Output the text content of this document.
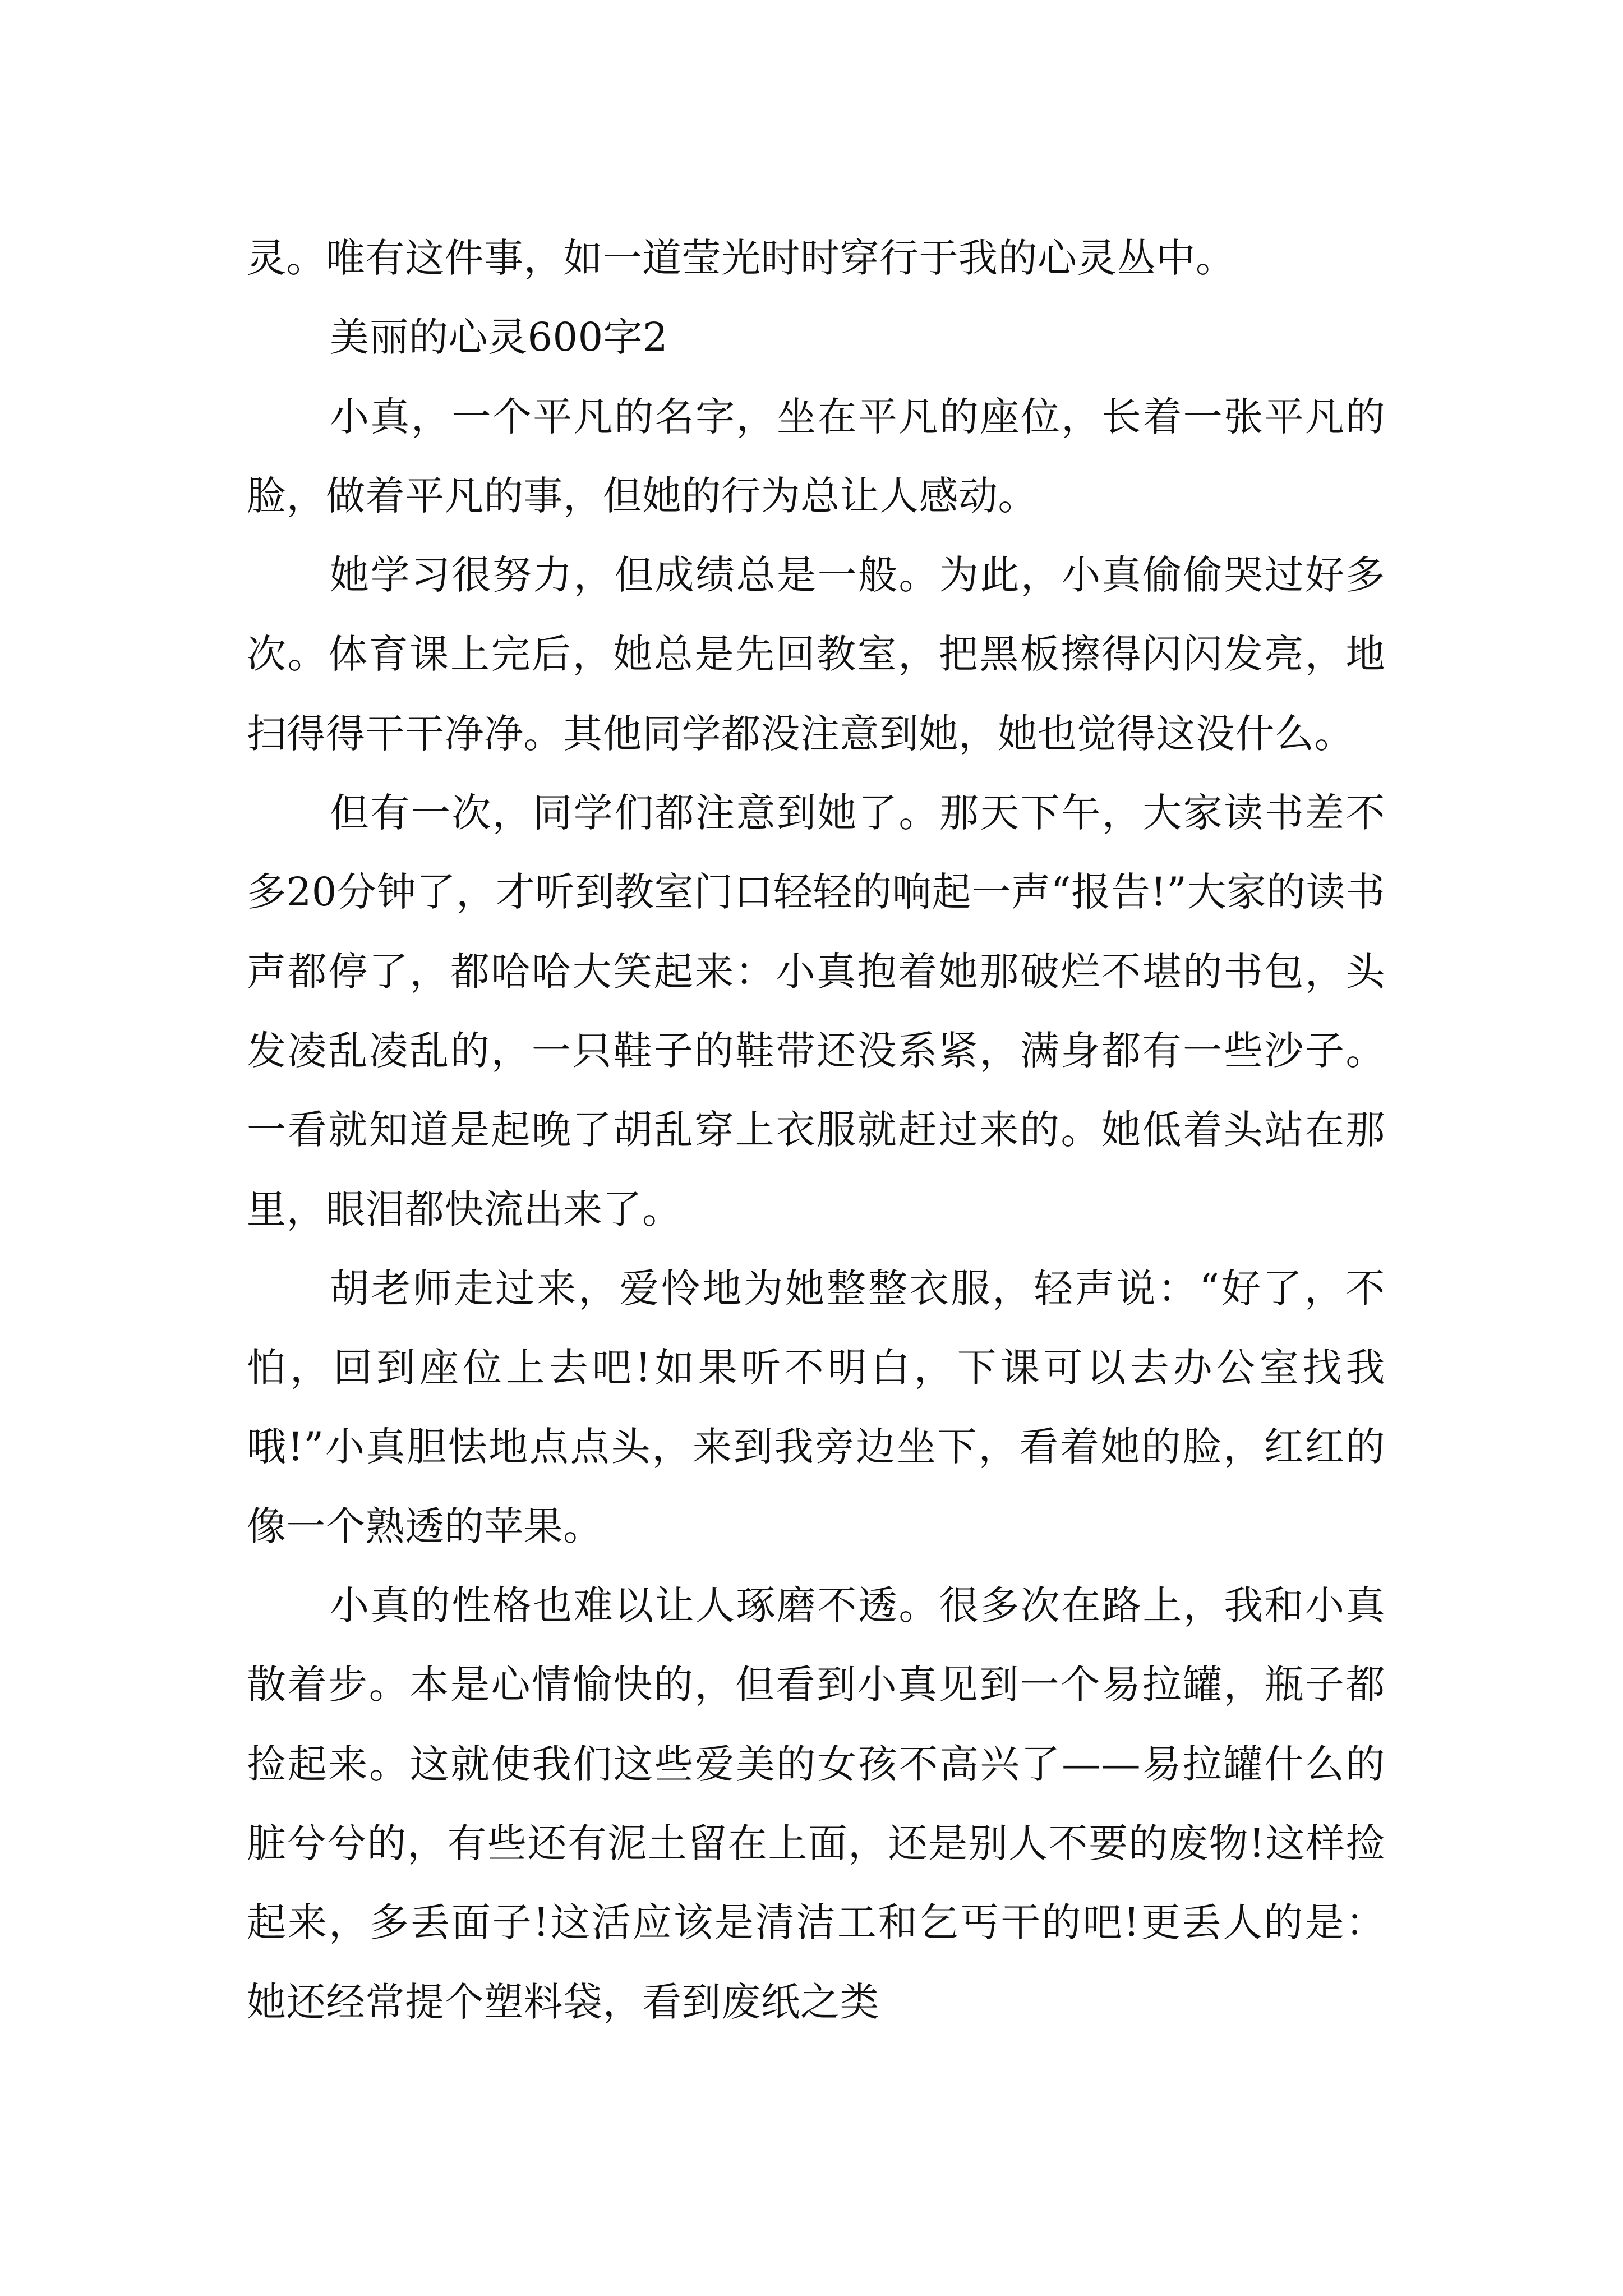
灵。唯有这件事，如一道莹光时时穿行于我的心灵丛中。

美丽的心灵600字2

小真，一个平凡的名字，坐在平凡的座位，长着一张平凡的脸，做着平凡的事，但她的行为总让人感动。

她学习很努力，但成绩总是一般。为此，小真偷偷哭过好多次。体育课上完后，她总是先回教室，把黑板擦得闪闪发亮，地扫得得干干净净。其他同学都没注意到她，她也觉得这没什么。

但有一次，同学们都注意到她了。那天下午，大家读书差不多20分钟了，才听到教室门口轻轻的响起一声“报告!”大家的读书声都停了，都哈哈大笑起来：小真抱着她那破烂不堪的书包，头发凌乱凌乱的，一只鞋子的鞋带还没系紧，满身都有一些沙子。一看就知道是起晚了胡乱穿上衣服就赶过来的。她低着头站在那里，眼泪都快流出来了。

胡老师走过来，爱怜地为她整整衣服，轻声说：“好了，不怕，回到座位上去吧!如果听不明白，下课可以去办公室找我哦!”小真胆怯地点点头，来到我旁边坐下，看着她的脸，红红的像一个熟透的苹果。

小真的性格也难以让人琢磨不透。很多次在路上，我和小真散着步。本是心情愉快的，但看到小真见到一个易拉罐，瓶子都捡起来。这就使我们这些爱美的女孩不高兴了——易拉罐什么的脏兮兮的，有些还有泥土留在上面，还是别人不要的废物!这样捡起来，多丢面子!这活应该是清洁工和乞丐干的吧!更丢人的是：她还经常提个塑料袋，看到废纸之类
